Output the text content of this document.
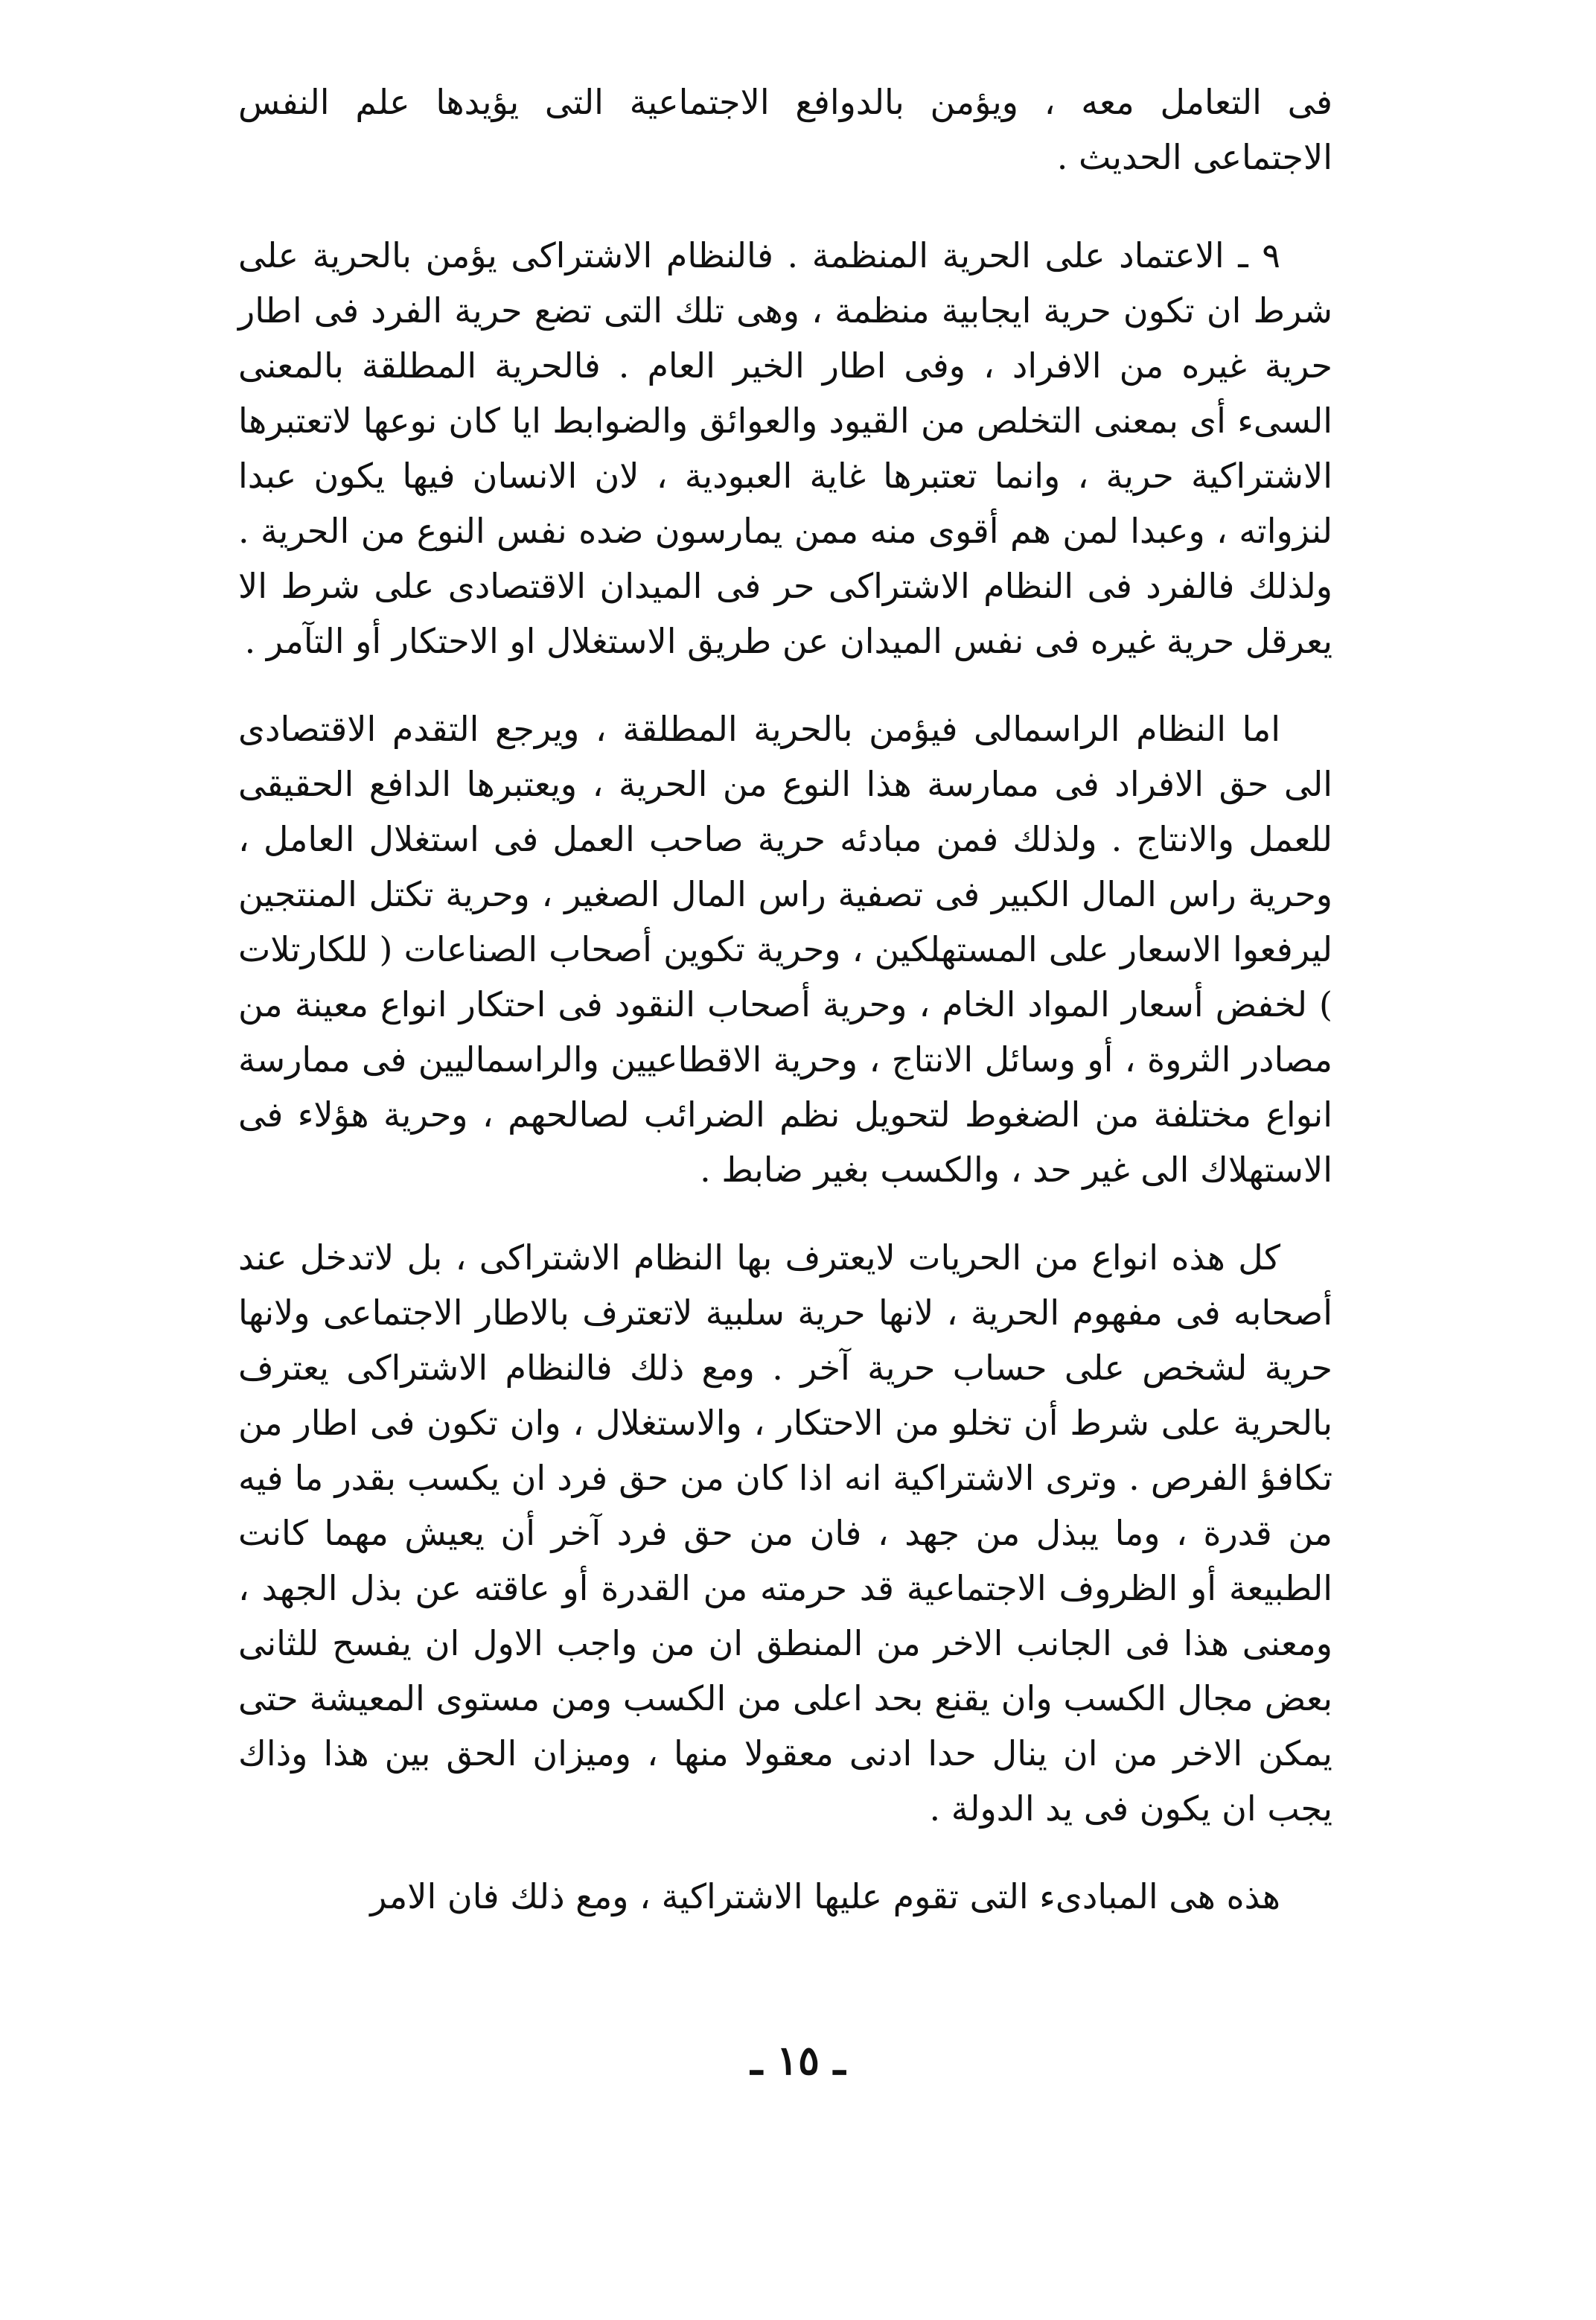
فى التعامل معه ، ويؤمن بالدوافع الاجتماعية التى يؤيدها علم النفس الاجتماعى الحديث .

٩ ـ الاعتماد على الحرية المنظمة . فالنظام الاشتراكى يؤمن بالحرية على شرط ان تكون حرية ايجابية منظمة ، وهى تلك التى تضع حرية الفرد فى اطار حرية غيره من الافراد ، وفى اطار الخير العام . فالحرية المطلقة بالمعنى السىء أى بمعنى التخلص من القيود والعوائق والضوابط ايا كان نوعها لاتعتبرها الاشتراكية حرية ، وانما تعتبرها غاية العبودية ، لان الانسان فيها يكون عبدا لنزواته ، وعبدا لمن هم أقوى منه ممن يمارسون ضده نفس النوع من الحرية . ولذلك فالفرد فى النظام الاشتراكى حر فى الميدان الاقتصادى على شرط الا يعرقل حرية غيره فى نفس الميدان عن طريق الاستغلال او الاحتكار أو التآمر .

اما النظام الراسمالى فيؤمن بالحرية المطلقة ، ويرجع التقدم الاقتصادى الى حق الافراد فى ممارسة هذا النوع من الحرية ، ويعتبرها الدافع الحقيقى للعمل والانتاج . ولذلك فمن مبادئه حرية صاحب العمل فى استغلال العامل ، وحرية راس المال الكبير فى تصفية راس المال الصغير ، وحرية تكتل المنتجين ليرفعوا الاسعار على المستهلكين ، وحرية تكوين أصحاب الصناعات ( للكارتلات ) لخفض أسعار المواد الخام ، وحرية أصحاب النقود فى احتكار انواع معينة من مصادر الثروة ، أو وسائل الانتاج ، وحرية الاقطاعيين والراسماليين فى ممارسة انواع مختلفة من الضغوط لتحويل نظم الضرائب لصالحهم ، وحرية هؤلاء فى الاستهلاك الى غير حد ، والكسب بغير ضابط .

كل هذه انواع من الحريات لايعترف بها النظام الاشتراكى ، بل لاتدخل عند أصحابه فى مفهوم الحرية ، لانها حرية سلبية لاتعترف بالاطار الاجتماعى ولانها حرية لشخص على حساب حرية آخر . ومع ذلك فالنظام الاشتراكى يعترف بالحرية على شرط أن تخلو من الاحتكار ، والاستغلال ، وان تكون فى اطار من تكافؤ الفرص . وترى الاشتراكية انه اذا كان من حق فرد ان يكسب بقدر ما فيه من قدرة ، وما يبذل من جهد ، فان من حق فرد آخر أن يعيش مهما كانت الطبيعة أو الظروف الاجتماعية قد حرمته من القدرة أو عاقته عن بذل الجهد ، ومعنى هذا فى الجانب الاخر من المنطق ان من واجب الاول ان يفسح للثانى بعض مجال الكسب وان يقنع بحد اعلى من الكسب ومن مستوى المعيشة حتى يمكن الاخر من ان ينال حدا ادنى معقولا منها ، وميزان الحق بين هذا وذاك يجب ان يكون فى يد الدولة .

هذه هى المبادىء التى تقوم عليها الاشتراكية ، ومع ذلك فان الامر

ـ ١٥ ـ
